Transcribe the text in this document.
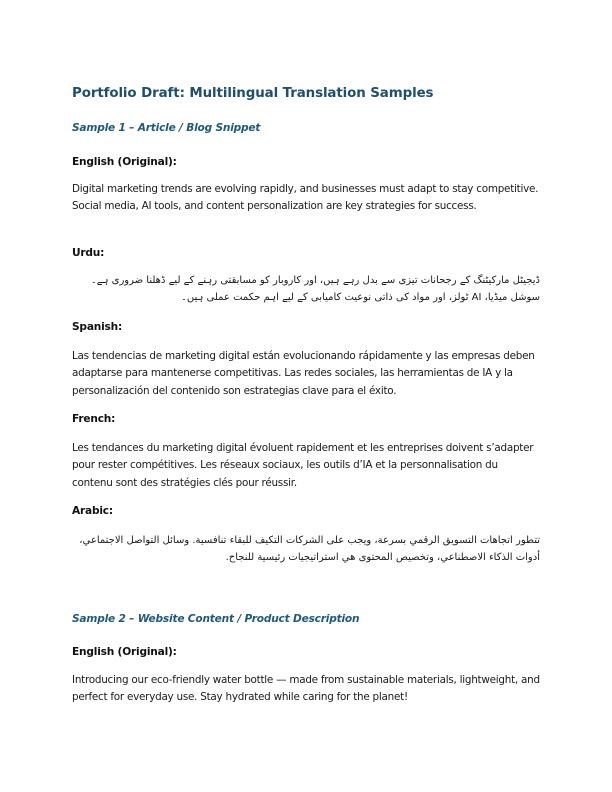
Portfolio Draft: Multilingual Translation Samples
Sample 1 – Article / Blog Snippet
English (Original):
Digital marketing trends are evolving rapidly, and businesses must adapt to stay competitive. Social media, AI tools, and content personalization are key strategies for success.
Urdu:
ڈیجیٹل مارکیٹنگ کے رجحانات تیزی سے بدل رہے ہیں، اور کاروبار کو مسابقتی رہنے کے لیے ڈھلنا ضروری ہے۔ سوشل میڈیا، AI ٹولز، اور مواد کی ذاتی نوعیت کامیابی کے لیے اہم حکمت عملی ہیں۔
Spanish:
Las tendencias de marketing digital están evolucionando rápidamente y las empresas deben adaptarse para mantenerse competitivas. Las redes sociales, las herramientas de IA y la personalización del contenido son estrategias clave para el éxito.
French:
Les tendances du marketing digital évoluent rapidement et les entreprises doivent s’adapter pour rester compétitives. Les réseaux sociaux, les outils d’IA et la personnalisation du contenu sont des stratégies clés pour réussir.
Arabic:
تتطور اتجاهات التسويق الرقمي بسرعة، ويجب على الشركات التكيف للبقاء تنافسية. وسائل التواصل الاجتماعي، أدوات الذكاء الاصطناعي، وتخصيص المحتوى هي استراتيجيات رئيسية للنجاح.
Sample 2 – Website Content / Product Description
English (Original):
Introducing our eco-friendly water bottle — made from sustainable materials, lightweight, and perfect for everyday use. Stay hydrated while caring for the planet!
